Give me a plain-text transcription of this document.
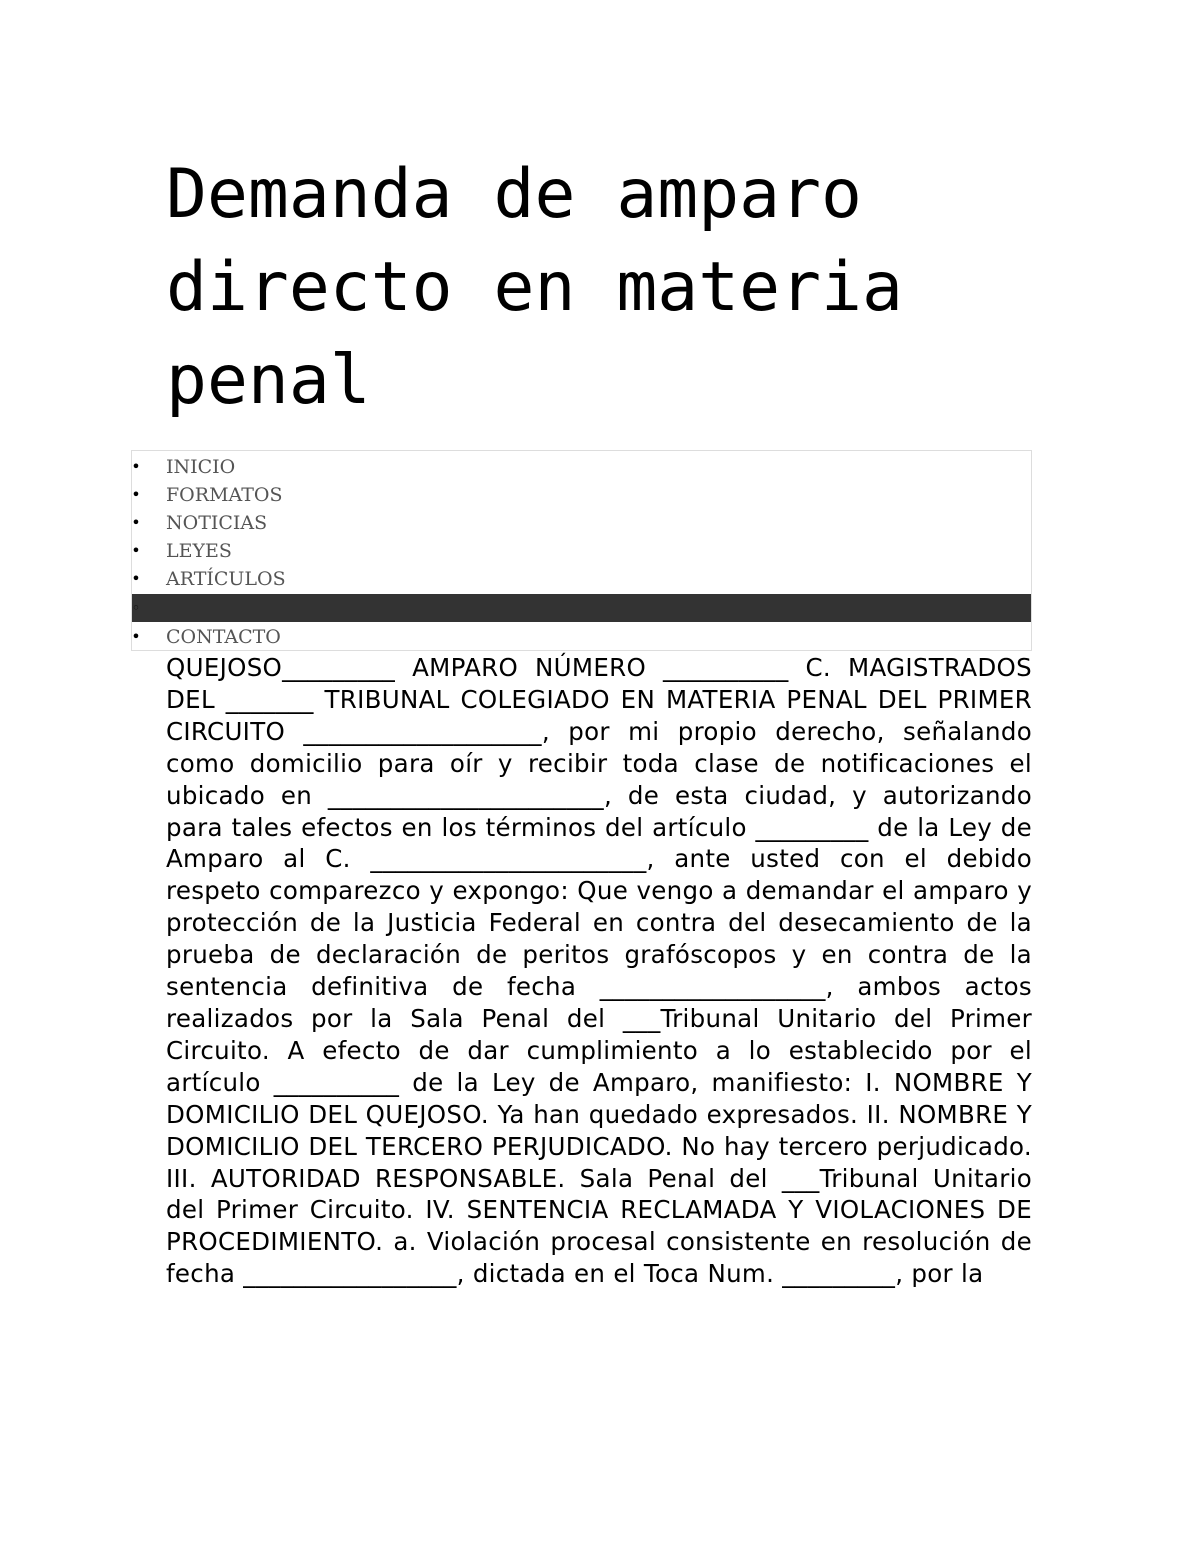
Demanda de amparo directo en materia penal
• INICIO
• FORMATOS
• NOTICIAS
• LEYES
• ARTÍCULOS
◦
• CONTACTO

QUEJOSO_________ AMPARO NÚMERO __________ C. MAGISTRADOS DEL _______ TRIBUNAL COLEGIADO EN MATERIA PENAL DEL PRIMER CIRCUITO ___________________, por mi propio derecho, señalando como domicilio para oír y recibir toda clase de notificaciones el ubicado en ______________________, de esta ciudad, y autorizando para tales efectos en los términos del artículo _________ de la Ley de Amparo al C. ______________________, ante usted con el debido respeto comparezco y expongo: Que vengo a demandar el amparo y protección de la Justicia Federal en contra del desecamiento de la prueba de declaración de peritos grafóscopos y en contra de la sentencia definitiva de fecha __________________, ambos actos realizados por la Sala Penal del ___Tribunal Unitario del Primer Circuito. A efecto de dar cumplimiento a lo establecido por el artículo __________ de la Ley de Amparo, manifiesto: I. NOMBRE Y DOMICILIO DEL QUEJOSO. Ya han quedado expresados. II. NOMBRE Y DOMICILIO DEL TERCERO PERJUDICADO. No hay tercero perjudicado. III. AUTORIDAD RESPONSABLE. Sala Penal del ___Tribunal Unitario del Primer Circuito. IV. SENTENCIA RECLAMADA Y VIOLACIONES DE PROCEDIMIENTO. a. Violación procesal consistente en resolución de fecha _________________, dictada en el Toca Num. _________, por la
